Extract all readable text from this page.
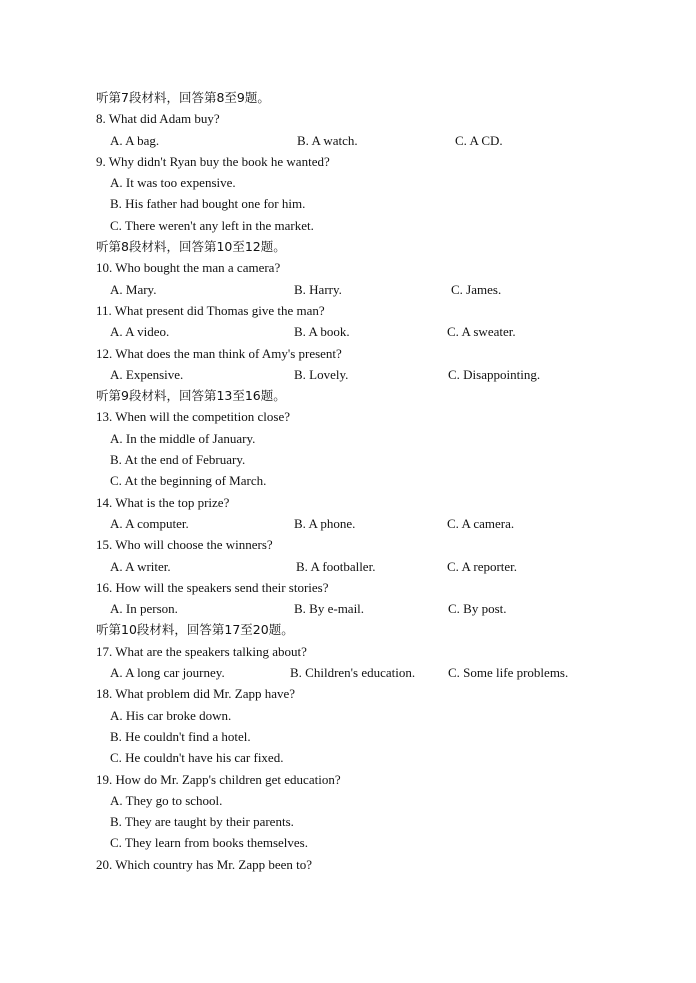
听第7段材料，回答第8至9题。
8. What did Adam buy?
A. A bag.	B. A watch.	C. A CD.
9. Why didn't Ryan buy the book he wanted?
A. It was too expensive.
B. His father had bought one for him.
C. There weren't any left in the market.
听第8段材料，回答第10至12题。
10. Who bought the man a camera?
A. Mary.	B. Harry.	C. James.
11. What present did Thomas give the man?
A. A video.	B. A book.	C. A sweater.
12. What does the man think of Amy's present?
A. Expensive.	B. Lovely.	C. Disappointing.
听第9段材料，回答第13至16题。
13. When will the competition close?
A. In the middle of January.
B. At the end of February.
C. At the beginning of March.
14. What is the top prize?
A. A computer.	B. A phone.	C. A camera.
15. Who will choose the winners?
A. A writer.	B. A footballer.	C. A reporter.
16. How will the speakers send their stories?
A. In person.	B. By e-mail.	C. By post.
听第10段材料，回答第17至20题。
17. What are the speakers talking about?
A. A long car journey.	B. Children's education.	C. Some life problems.
18. What problem did Mr. Zapp have?
A. His car broke down.
B. He couldn't find a hotel.
C. He couldn't have his car fixed.
19. How do Mr. Zapp's children get education?
A. They go to school.
B. They are taught by their parents.
C. They learn from books themselves.
20. Which country has Mr. Zapp been to?
